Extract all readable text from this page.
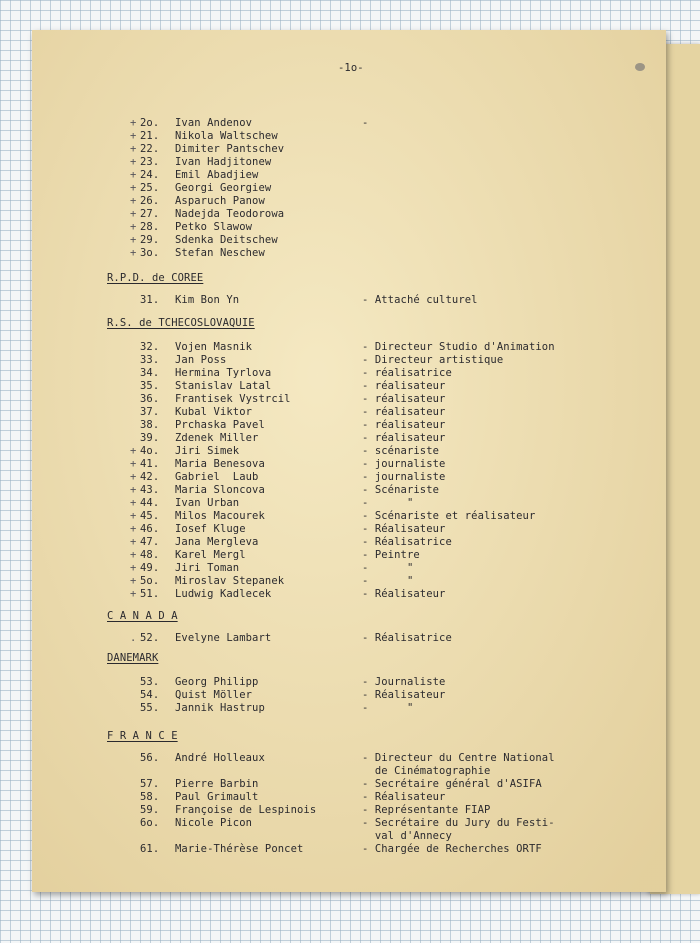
-1o-
+ 2o. Ivan Andenov	-
+ 21. Nikola Waltschew
+ 22. Dimiter Pantschev
+ 23. Ivan Hadjitonew
+ 24. Emil Abadjiew
+ 25. Georgi Georgiew
+ 26. Asparuch Panow
+ 27. Nadejda Teodorowa
+ 28. Petko Slawow
+ 29. Sdenka Deitschew
+ 3o. Stefan Neschew
R.P.D. de COREE
31. Kim Bon Yn	- Attaché culturel
R.S. de TCHECOSLOVAQUIE
32. Vojen Masnik	- Directeur Studio d'Animation
33. Jan Poss	- Directeur artistique
34. Hermina Tyrlova	- réalisatrice
35. Stanislav Latal	- réalisateur
36. Frantisek Vystrcil	- réalisateur
37. Kubal Viktor	- réalisateur
38. Prchaska Pavel	- réalisateur
39. Zdenek Miller	- réalisateur
+ 4o. Jiri Simek	- scénariste
+ 41. Maria Benesova	- journaliste
+ 42. Gabriel  Laub	- journaliste
+ 43. Maria Sloncova	- Scénariste
+ 44. Ivan Urban	-      "
+ 45. Milos Macourek	- Scénariste et réalisateur
+ 46. Iosef Kluge	- Réalisateur
+ 47. Jana Mergleva	- Réalisatrice
+ 48. Karel Mergl	- Peintre
+ 49. Jiri Toman	-      "
+ 5o. Miroslav Stepanek	-      "
+ 51. Ludwig Kadlecek	- Réalisateur
C A N A D A
. 52. Evelyne Lambart	- Réalisatrice
DANEMARK
53. Georg Philipp	- Journaliste
54. Quist Möller	- Réalisateur
55. Jannik Hastrup	-      "
F R A N C E
56. André Holleaux	- Directeur du Centre National
de Cinématographie
57. Pierre Barbin	- Secrétaire général d'ASIFA
58. Paul Grimault	- Réalisateur
59. Françoise de Lespinois	- Représentante FIAP
6o. Nicole Picon	- Secrétaire du Jury du Festi-
val d'Annecy
61. Marie-Thérèse Poncet	- Chargée de Recherches ORTF
